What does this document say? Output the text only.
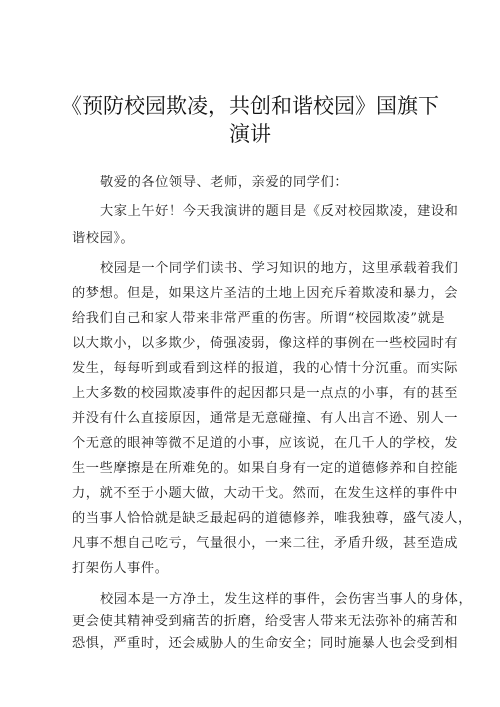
《预防校园欺凌，共创和谐校园》国旗下
演讲
敬爱的各位领导、老师，亲爱的同学们：
大家上午好！今天我演讲的题目是《反对校园欺凌，建设和
谐校园》。
校园是一个同学们读书、学习知识的地方，这里承载着我们
的梦想。但是，如果这片圣洁的土地上因充斥着欺凌和暴力，会
给我们自己和家人带来非常严重的伤害。所谓“校园欺凌”就是
以大欺小，以多欺少，倚强凌弱，像这样的事例在一些校园时有
发生，每每听到或看到这样的报道，我的心情十分沉重。而实际
上大多数的校园欺凌事件的起因都只是一点点的小事，有的甚至
并没有什么直接原因，通常是无意碰撞、有人出言不逊、别人一
个无意的眼神等微不足道的小事，应该说，在几千人的学校，发
生一些摩擦是在所难免的。如果自身有一定的道德修养和自控能
力，就不至于小题大做，大动干戈。然而，在发生这样的事件中
的当事人恰恰就是缺乏最起码的道德修养，唯我独尊，盛气凌人，
凡事不想自己吃亏，气量很小，一来二往，矛盾升级，甚至造成
打架伤人事件。
校园本是一方净土，发生这样的事件，会伤害当事人的身体，
更会使其精神受到痛苦的折磨，给受害人带来无法弥补的痛苦和
恐惧，严重时，还会威胁人的生命安全；同时施暴人也会受到相
